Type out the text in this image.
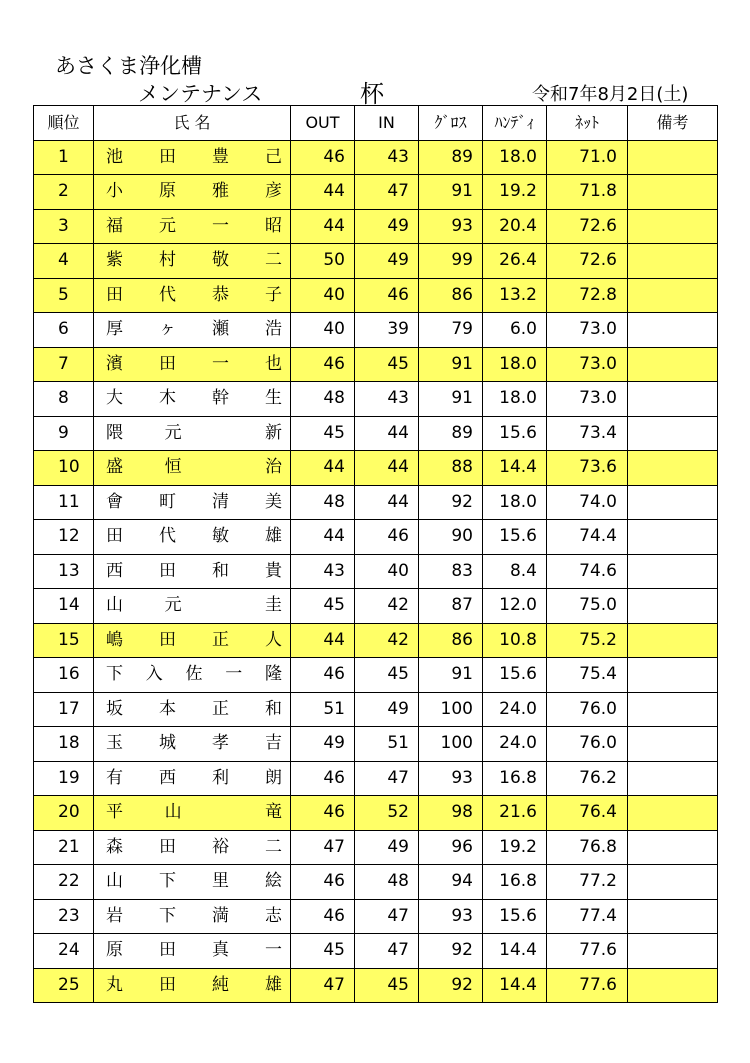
あさくま浄化槽
メンテナンス	杯	令和7年8月2日(土)
順位	氏 名	OUT	IN	ｸﾞﾛｽ	ﾊﾝﾃﾞｨ	ﾈｯﾄ	備考
1	池 田 豊 己	46	43	89	18.0	71.0	
2	小 原 雅 彦	44	47	91	19.2	71.8	
3	福 元 一 昭	44	49	93	20.4	72.6	
4	紫 村 敬 二	50	49	99	26.4	72.6	
5	田 代 恭 子	40	46	86	13.2	72.8	
6	厚 ヶ 瀬 浩	40	39	79	6.0	73.0	
7	濱 田 一 也	46	45	91	18.0	73.0	
8	大 木 幹 生	48	43	91	18.0	73.0	
9	隈 元 新	45	44	89	15.6	73.4	
10	盛 恒 治	44	44	88	14.4	73.6	
11	會 町 清 美	48	44	92	18.0	74.0	
12	田 代 敏 雄	44	46	90	15.6	74.4	
13	西 田 和 貴	43	40	83	8.4	74.6	
14	山 元 圭	45	42	87	12.0	75.0	
15	嶋 田 正 人	44	42	86	10.8	75.2	
16	下 入 佐 一 隆	46	45	91	15.6	75.4	
17	坂 本 正 和	51	49	100	24.0	76.0	
18	玉 城 孝 吉	49	51	100	24.0	76.0	
19	有 西 利 朗	46	47	93	16.8	76.2	
20	平 山 竜	46	52	98	21.6	76.4	
21	森 田 裕 二	47	49	96	19.2	76.8	
22	山 下 里 絵	46	48	94	16.8	77.2	
23	岩 下 満 志	46	47	93	15.6	77.4	
24	原 田 真 一	45	47	92	14.4	77.6	
25	丸 田 純 雄	47	45	92	14.4	77.6	
